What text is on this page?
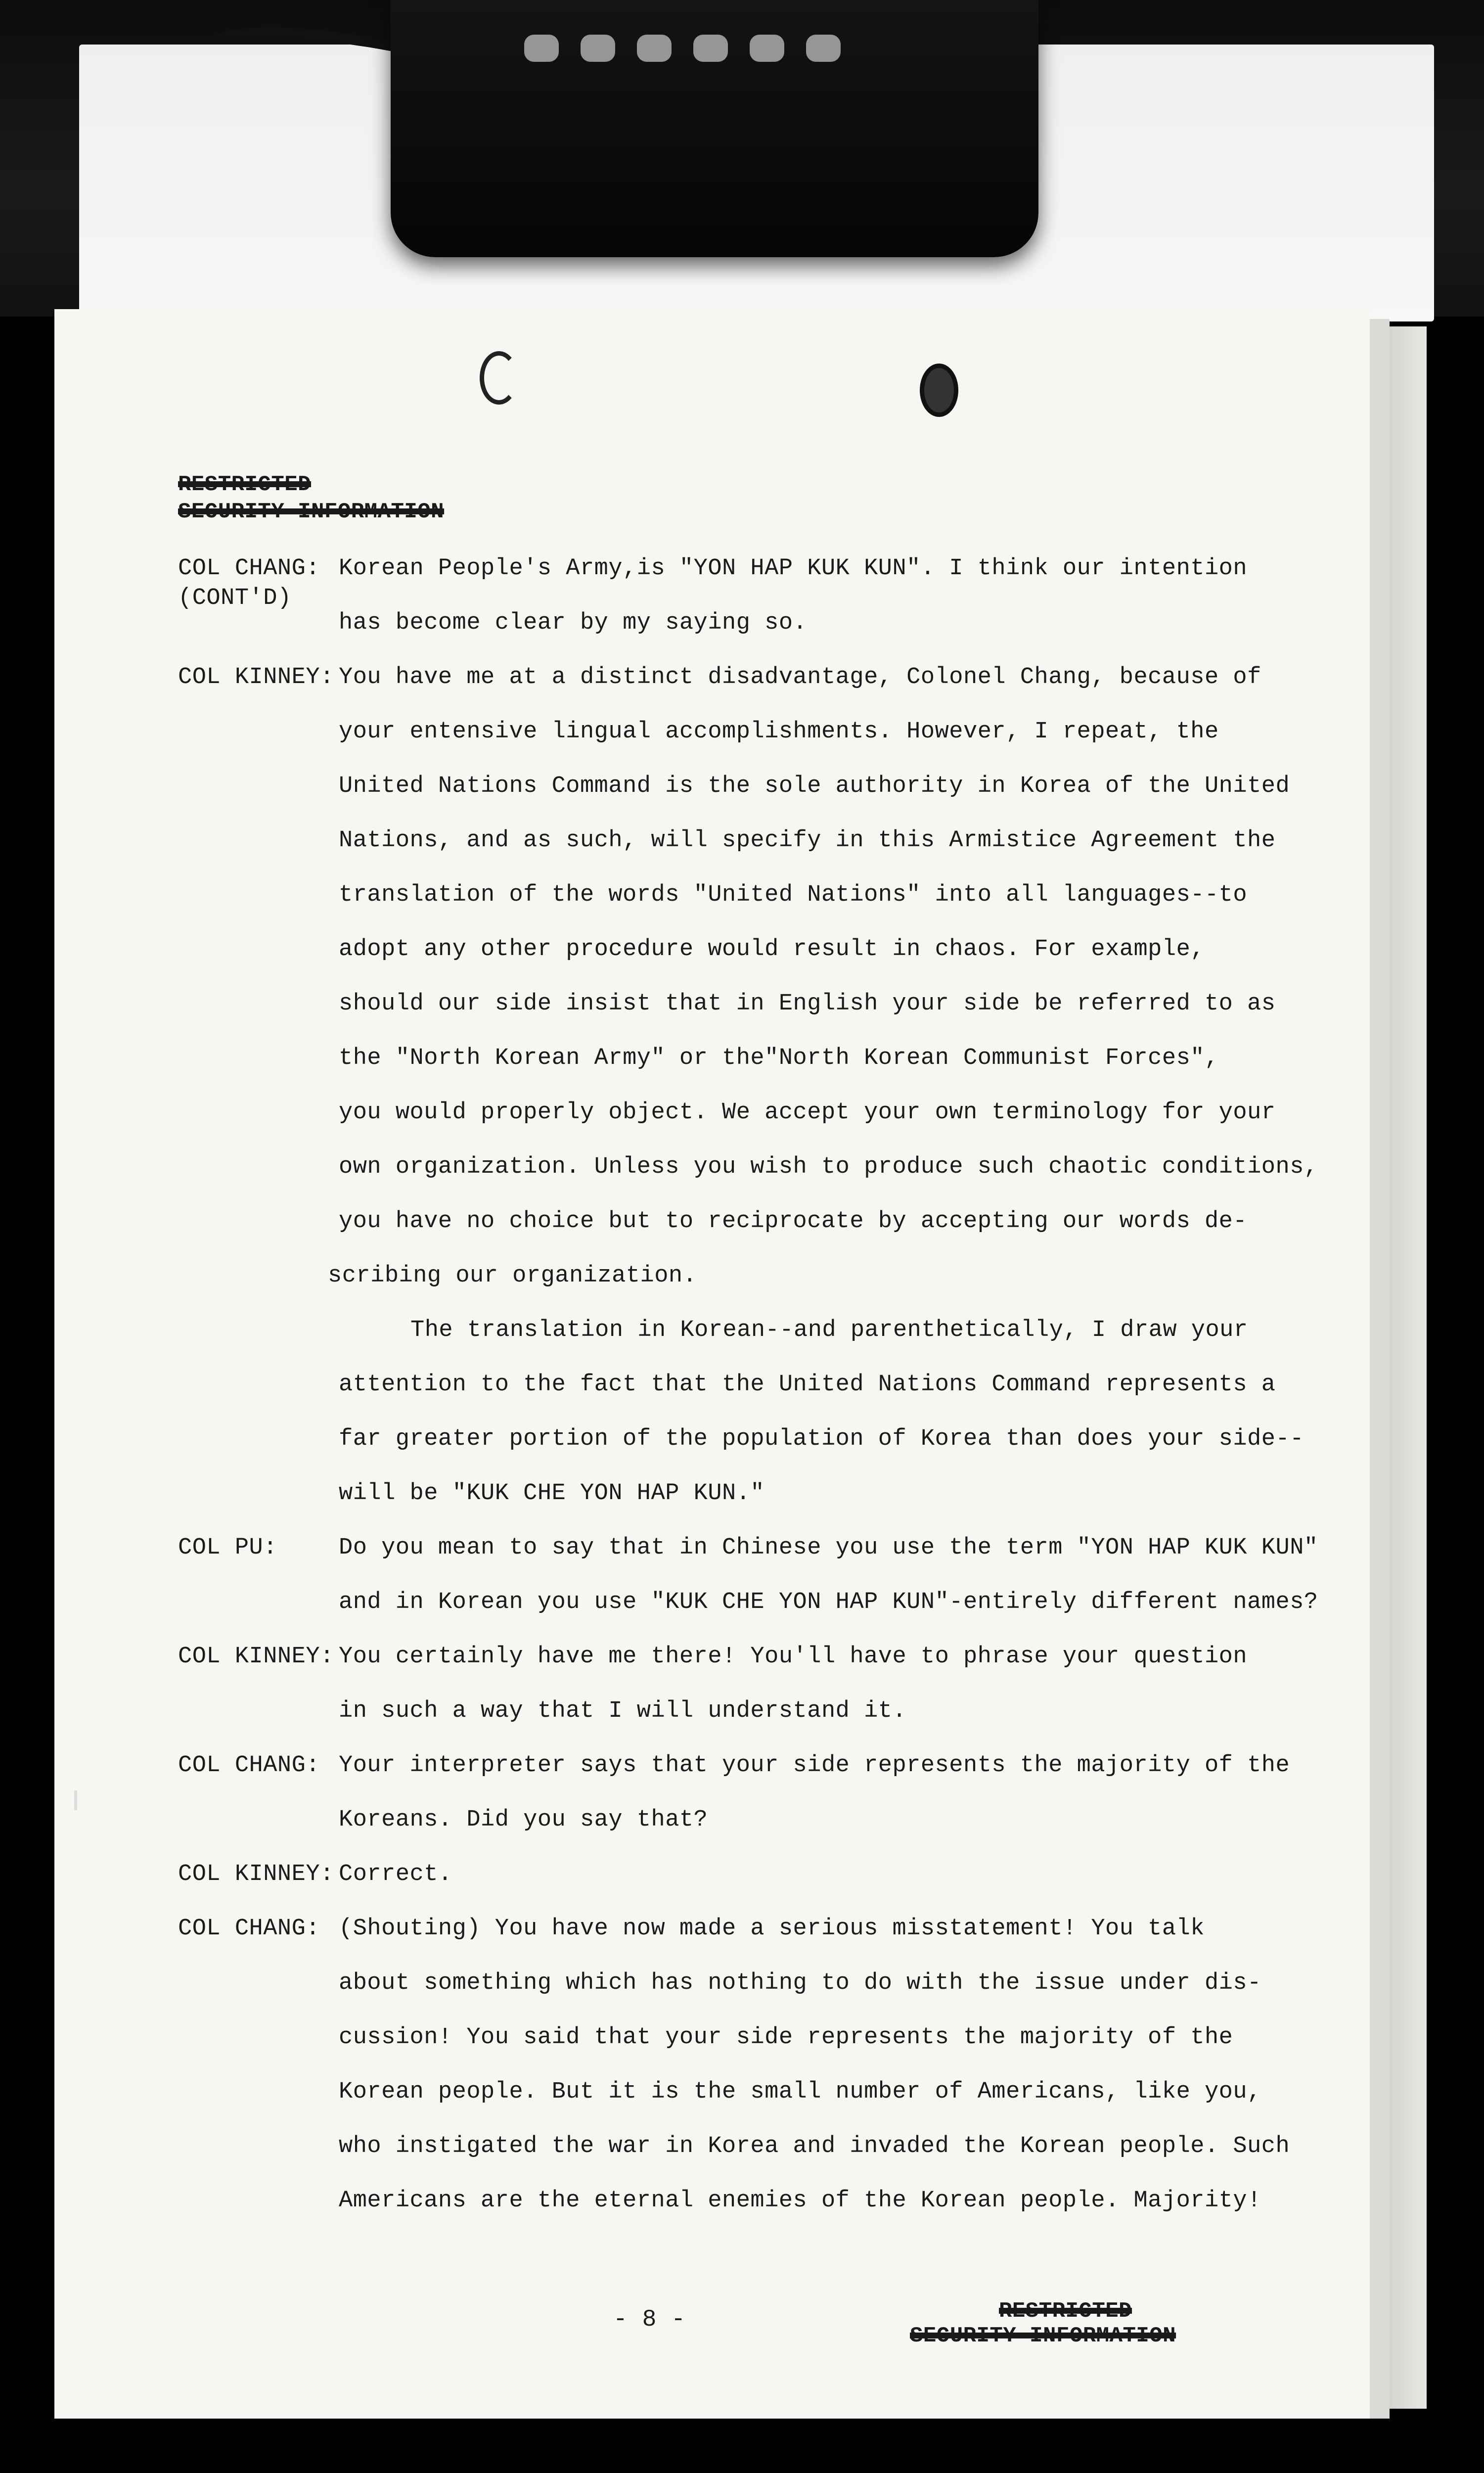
RESTRICTED
SECURITY INFORMATION
COL CHANG:
(CONT'D)
Korean People's Army,is "YON HAP KUK KUN". I think our intention
has become clear by my saying so.
COL KINNEY: You have me at a distinct disadvantage, Colonel Chang, because of
your entensive lingual accomplishments. However, I repeat, the
United Nations Command is the sole authority in Korea of the United
Nations, and as such, will specify in this Armistice Agreement the
translation of the words "United Nations" into all languages--to
adopt any other procedure would result in chaos. For example,
should our side insist that in English your side be referred to as
the "North Korean Army" or the"North Korean Communist Forces",
you would properly object. We accept your own terminology for your
own organization. Unless you wish to produce such chaotic conditions,
you have no choice but to reciprocate by accepting our words de-
scribing our organization.
The translation in Korean--and parenthetically, I draw your
attention to the fact that the United Nations Command represents a
far greater portion of the population of Korea than does your side--
will be "KUK CHE YON HAP KUN."
COL PU:	Do you mean to say that in Chinese you use the term "YON HAP KUK KUN"
and in Korean you use "KUK CHE YON HAP KUN"-entirely different names?
COL KINNEY: You certainly have me there! You'll have to phrase your question
in such a way that I will understand it.
COL CHANG: Your interpreter says that your side represents the majority of the
Koreans. Did you say that?
COL KINNEY: Correct.
COL CHANG: (Shouting) You have now made a serious misstatement! You talk
about something which has nothing to do with the issue under dis-
cussion! You said that your side represents the majority of the
Korean people. But it is the small number of Americans, like you,
who instigated the war in Korea and invaded the Korean people. Such
Americans are the eternal enemies of the Korean people. Majority!
- 8 -	RESTRICTED
SECURITY INFORMATION
